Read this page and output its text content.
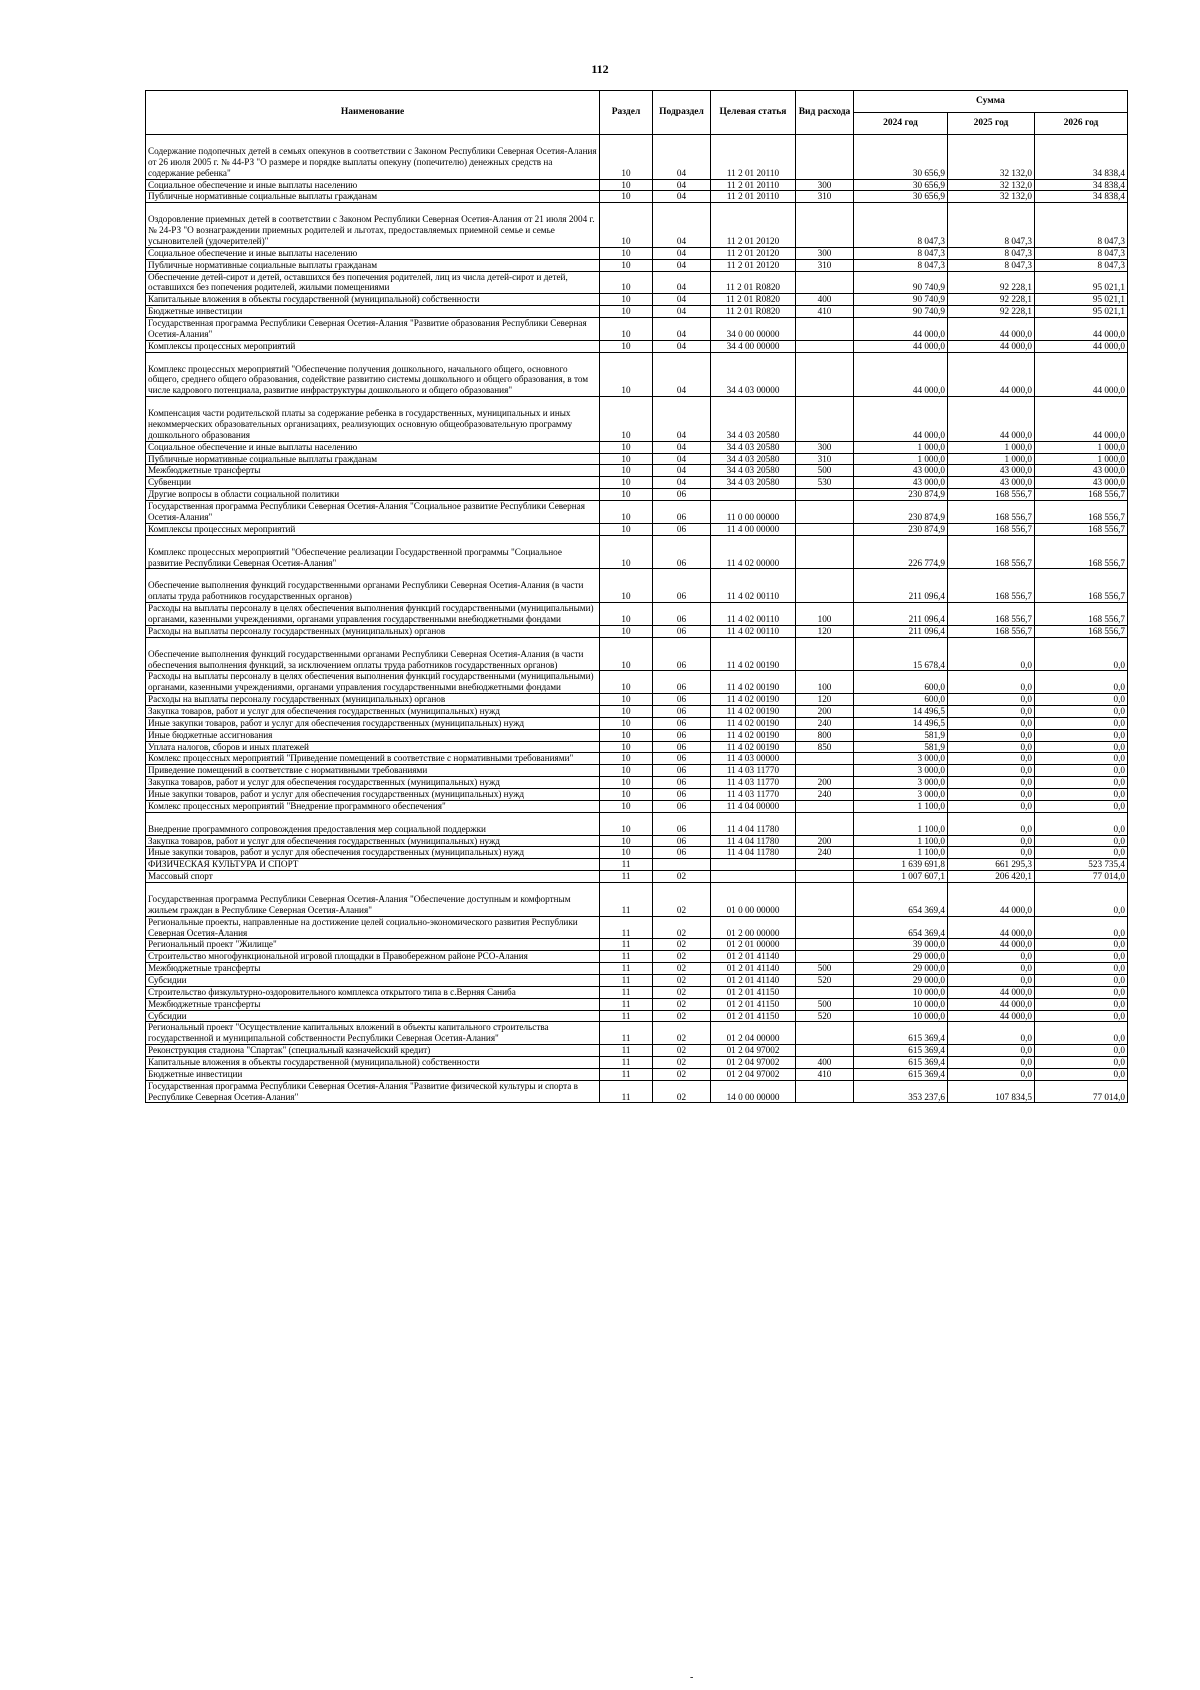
112
Наименование	Раздел	Подраздел	Целевая статья	Вид расхода	Сумма		
					2024 год	2025 год	2026 год
Содержание подопечных детей в семьях опекунов в соответствии с Законом Республики Северная Осетия-Алания от 26 июля 2005 г. № 44-РЗ "О размере и порядке выплаты опекуну (попечителю) денежных средств на содержание ребенка"	10	04	11 2 01 20110		30 656,9	32 132,0	34 838,4
Социальное обеспечение и иные выплаты населению	10	04	11 2 01 20110	300	30 656,9	32 132,0	34 838,4
Публичные нормативные социальные выплаты гражданам	10	04	11 2 01 20110	310	30 656,9	32 132,0	34 838,4
Оздоровление приемных детей в соответствии с Законом Республики Северная Осетия-Алания от 21 июля 2004 г. № 24-РЗ "О вознаграждении приемных родителей и льготах, предоставляемых приемной семье и семье усыновителей (удочерителей)"	10	04	11 2 01 20120		8 047,3	8 047,3	8 047,3
Социальное обеспечение и иные выплаты населению	10	04	11 2 01 20120	300	8 047,3	8 047,3	8 047,3
Публичные нормативные социальные выплаты гражданам	10	04	11 2 01 20120	310	8 047,3	8 047,3	8 047,3
Обеспечение детей-сирот и детей, оставшихся без попечения родителей, лиц из числа детей-сирот и детей, оставшихся без попечения родителей, жилыми помещениями	10	04	11 2 01 R0820		90 740,9	92 228,1	95 021,1
Капитальные вложения в объекты государственной (муниципальной) собственности	10	04	11 2 01 R0820	400	90 740,9	92 228,1	95 021,1
Бюджетные инвестиции	10	04	11 2 01 R0820	410	90 740,9	92 228,1	95 021,1
Государственная программа Республики Северная Осетия-Алания "Развитие образования Республики Северная Осетия-Алания"	10	04	34 0 00 00000		44 000,0	44 000,0	44 000,0
Комплексы процессных мероприятий	10	04	34 4 00 00000		44 000,0	44 000,0	44 000,0
Комплекс процессных мероприятий "Обеспечение получения дошкольного, начального общего, основного общего, среднего общего образования, содействие развитию системы дошкольного и общего образования, в том числе кадрового потенциала, развитие инфраструктуры дошкольного и общего образования"	10	04	34 4 03 00000		44 000,0	44 000,0	44 000,0
Компенсация части родительской платы за содержание ребенка в государственных, муниципальных и иных некоммерческих образовательных организациях, реализующих основную общеобразовательную программу дошкольного образования	10	04	34 4 03 20580		44 000,0	44 000,0	44 000,0
Социальное обеспечение и иные выплаты населению	10	04	34 4 03 20580	300	1 000,0	1 000,0	1 000,0
Публичные нормативные социальные выплаты гражданам	10	04	34 4 03 20580	310	1 000,0	1 000,0	1 000,0
Межбюджетные трансферты	10	04	34 4 03 20580	500	43 000,0	43 000,0	43 000,0
Субвенции	10	04	34 4 03 20580	530	43 000,0	43 000,0	43 000,0
Другие вопросы в области социальной политики	10	06			230 874,9	168 556,7	168 556,7
Государственная программа Республики Северная Осетия-Алания "Социальное развитие Республики Северная Осетия-Алания"	10	06	11 0 00 00000		230 874,9	168 556,7	168 556,7
Комплексы процессных мероприятий	10	06	11 4 00 00000		230 874,9	168 556,7	168 556,7
Комплекс процессных мероприятий "Обеспечение реализации Государственной программы "Социальное развитие Республики Северная Осетия-Алания"	10	06	11 4 02 00000		226 774,9	168 556,7	168 556,7
Обеспечение выполнения функций государственными органами Республики Северная Осетия-Алания (в части оплаты труда работников государственных органов)	10	06	11 4 02 00110		211 096,4	168 556,7	168 556,7
Расходы на выплаты персоналу в целях обеспечения выполнения функций государственными (муниципальными) органами, казенными учреждениями, органами управления государственными внебюджетными фондами	10	06	11 4 02 00110	100	211 096,4	168 556,7	168 556,7
Расходы на выплаты персоналу государственных (муниципальных) органов	10	06	11 4 02 00110	120	211 096,4	168 556,7	168 556,7
Обеспечение выполнения функций государственными органами Республики Северная Осетия-Алания (в части обеспечения выполнения функций, за исключением оплаты труда работников государственных органов)	10	06	11 4 02 00190		15 678,4	0,0	0,0
Расходы на выплаты персоналу в целях обеспечения выполнения функций государственными (муниципальными) органами, казенными учреждениями, органами управления государственными внебюджетными фондами	10	06	11 4 02 00190	100	600,0	0,0	0,0
Расходы на выплаты персоналу государственных (муниципальных) органов	10	06	11 4 02 00190	120	600,0	0,0	0,0
Закупка товаров, работ и услуг для обеспечения государственных (муниципальных) нужд	10	06	11 4 02 00190	200	14 496,5	0,0	0,0
Иные закупки товаров, работ и услуг для обеспечения государственных (муниципальных) нужд	10	06	11 4 02 00190	240	14 496,5	0,0	0,0
Иные бюджетные ассигнования	10	06	11 4 02 00190	800	581,9	0,0	0,0
Уплата налогов, сборов и иных платежей	10	06	11 4 02 00190	850	581,9	0,0	0,0
Комлекс процессных мероприятий "Приведение помещений в соответствие с нормативными требованиями"	10	06	11 4 03 00000		3 000,0	0,0	0,0
Приведение помещений в соответствие с нормативными требованиями	10	06	11 4 03 11770		3 000,0	0,0	0,0
Закупка товаров, работ и услуг для обеспечения государственных (муниципальных) нужд	10	06	11 4 03 11770	200	3 000,0	0,0	0,0
Иные закупки товаров, работ и услуг для обеспечения государственных (муниципальных) нужд	10	06	11 4 03 11770	240	3 000,0	0,0	0,0
Комлекс процессных мероприятий "Внедрение программного обеспечения"	10	06	11 4 04 00000		1 100,0	0,0	0,0
Внедрение программного сопровождения предоставления мер социальной поддержки	10	06	11 4 04 11780		1 100,0	0,0	0,0
Закупка товаров, работ и услуг для обеспечения государственных (муниципальных) нужд	10	06	11 4 04 11780	200	1 100,0	0,0	0,0
Иные закупки товаров, работ и услуг для обеспечения государственных (муниципальных) нужд	10	06	11 4 04 11780	240	1 100,0	0,0	0,0
ФИЗИЧЕСКАЯ КУЛЬТУРА И СПОРТ	11				1 639 691,8	661 295,3	523 735,4
Массовый спорт	11	02			1 007 607,1	206 420,1	77 014,0
Государственная программа Республики Северная Осетия-Алания "Обеспечение доступным и комфортным жильем граждан в Республике Северная Осетия-Алания"	11	02	01 0 00 00000		654 369,4	44 000,0	0,0
Региональные проекты, направленные на достижение целей социально-экономического развития Республики Северная Осетия-Алания	11	02	01 2 00 00000		654 369,4	44 000,0	0,0
Региональный проект "Жилище"	11	02	01 2 01 00000		39 000,0	44 000,0	0,0
Строительство многофункциональной игровой площадки в Правобережном районе РСО-Алания	11	02	01 2 01 41140		29 000,0	0,0	0,0
Межбюджетные трансферты	11	02	01 2 01 41140	500	29 000,0	0,0	0,0
Субсидии	11	02	01 2 01 41140	520	29 000,0	0,0	0,0
Строительство физкультурно-оздоровительного комплекса открытого типа в с.Верняя Саниба	11	02	01 2 01 41150		10 000,0	44 000,0	0,0
Межбюджетные трансферты	11	02	01 2 01 41150	500	10 000,0	44 000,0	0,0
Субсидии	11	02	01 2 01 41150	520	10 000,0	44 000,0	0,0
Региональный проект "Осуществление капитальных вложений в объекты капитального строительства государственной и муниципальной собственности Республики Северная Осетия-Алания"	11	02	01 2 04 00000		615 369,4	0,0	0,0
Реконструкция стадиона "Спартак" (специальный казначейский кредит)	11	02	01 2 04 97002		615 369,4	0,0	0,0
Капитальные вложения в объекты государственной (муниципальной) собственности	11	02	01 2 04 97002	400	615 369,4	0,0	0,0
Бюджетные инвестиции	11	02	01 2 04 97002	410	615 369,4	0,0	0,0
Государственная программа Республики Северная Осетия-Алания "Развитие физической культуры и спорта в Республике Северная Осетия-Алания"	11	02	14 0 00 00000		353 237,6	107 834,5	77 014,0
-
